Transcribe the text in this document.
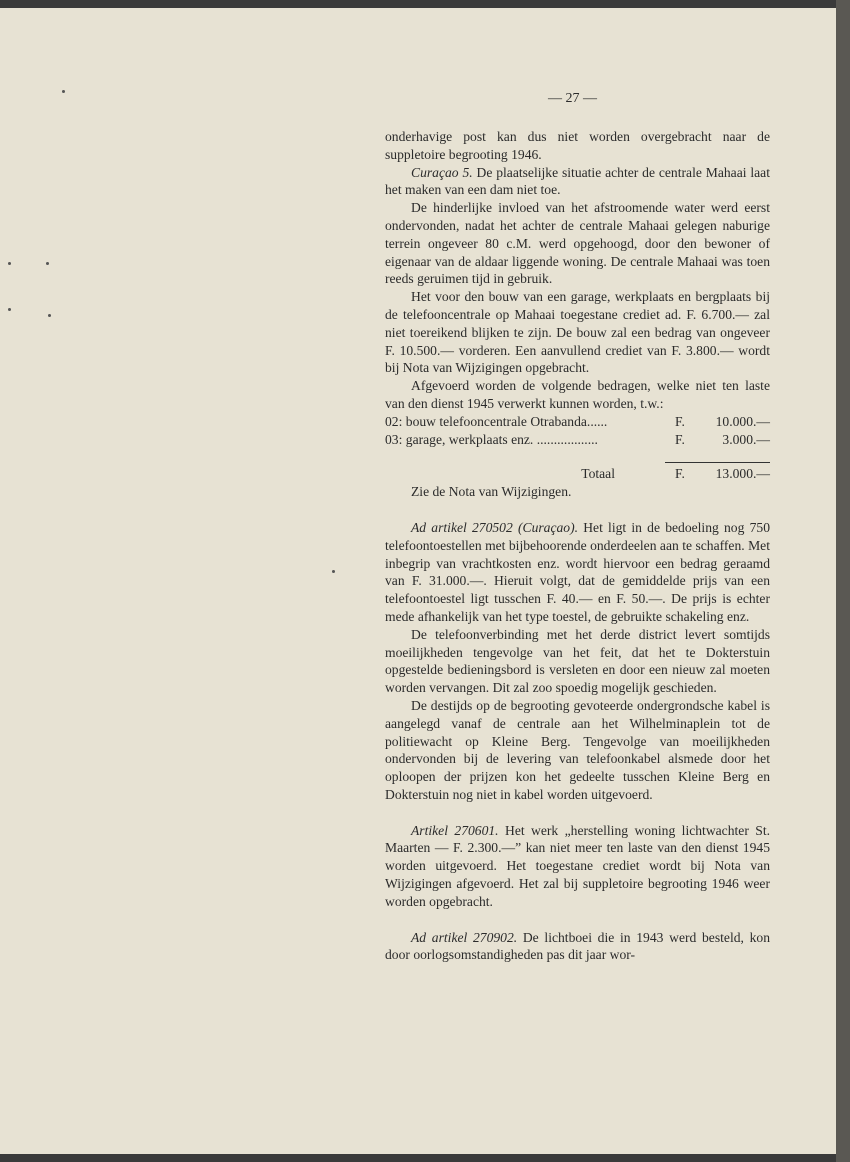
— 27 —

onderhavige post kan dus niet worden overgebracht naar de suppletoire begrooting 1946.

Curaçao 5. De plaatselijke situatie achter de centrale Mahaai laat het maken van een dam niet toe.

De hinderlijke invloed van het afstroomende water werd eerst ondervonden, nadat het achter de centrale Mahaai gelegen naburige terrein ongeveer 80 c.M. werd opgehoogd, door den bewoner of eigenaar van de aldaar liggende woning. De centrale Mahaai was toen reeds geruimen tijd in gebruik.

Het voor den bouw van een garage, werkplaats en bergplaats bij de telefooncentrale op Mahaai toegestane crediet ad. F. 6.700.— zal niet toereikend blijken te zijn. De bouw zal een bedrag van ongeveer F. 10.500.— vorderen. Een aanvullend crediet van F. 3.800.— wordt bij Nota van Wijzigingen opgebracht.

Afgevoerd worden de volgende bedragen, welke niet ten laste van den dienst 1945 verwerkt kunnen worden, t.w.:

02: bouw telefooncentrale Otrabanda......	F.	10.000.—
03: garage, werkplaats enz. ..................	F.	3.000.—
Totaal	F.	13.000.—

Zie de Nota van Wijzigingen.

Ad artikel 270502 (Curaçao). Het ligt in de bedoeling nog 750 telefoontoestellen met bijbehoorende onderdeelen aan te schaffen. Met inbegrip van vrachtkosten enz. wordt hiervoor een bedrag geraamd van F. 31.000.—. Hieruit volgt, dat de gemiddelde prijs van een telefoontoestel ligt tusschen F. 40.— en F. 50.—. De prijs is echter mede afhankelijk van het type toestel, de gebruikte schakeling enz.

De telefoonverbinding met het derde district levert somtijds moeilijkheden tengevolge van het feit, dat het te Dokterstuin opgestelde bedieningsbord is versleten en door een nieuw zal moeten worden vervangen. Dit zal zoo spoedig mogelijk geschieden.

De destijds op de begrooting gevoteerde ondergrondsche kabel is aangelegd vanaf de centrale aan het Wilhelminaplein tot de politiewacht op Kleine Berg. Tengevolge van moeilijkheden ondervonden bij de levering van telefoonkabel alsmede door het oploopen der prijzen kon het gedeelte tusschen Kleine Berg en Dokterstuin nog niet in kabel worden uitgevoerd.

Artikel 270601. Het werk „herstelling woning lichtwachter St. Maarten — F. 2.300.—” kan niet meer ten laste van den dienst 1945 worden uitgevoerd. Het toegestane crediet wordt bij Nota van Wijzigingen afgevoerd. Het zal bij suppletoire begrooting 1946 weer worden opgebracht.

Ad artikel 270902. De lichtboei die in 1943 werd besteld, kon door oorlogsomstandigheden pas dit jaar wor-
